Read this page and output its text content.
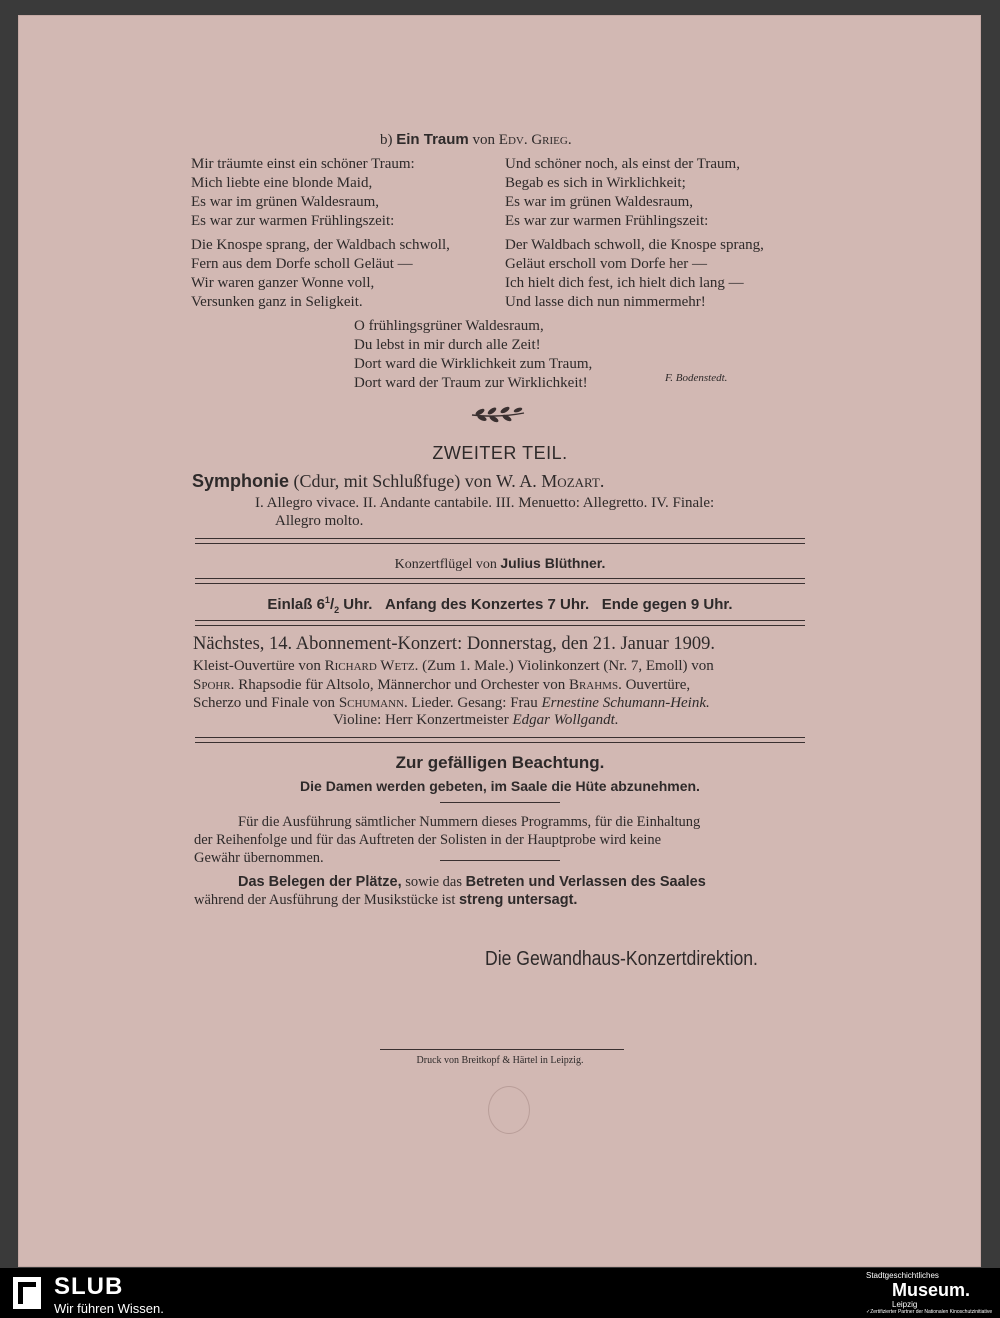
b) Ein Traum von Edv. Grieg.
Mir träumte einst ein schöner Traum:
Mich liebte eine blonde Maid,
Es war im grünen Waldesraum,
Es war zur warmen Frühlingszeit:
Und schöner noch, als einst der Traum,
Begab es sich in Wirklichkeit;
Es war im grünen Waldesraum,
Es war zur warmen Frühlingszeit:
Die Knospe sprang, der Waldbach schwoll,
Fern aus dem Dorfe scholl Geläut —
Wir waren ganzer Wonne voll,
Versunken ganz in Seligkeit.
Der Waldbach schwoll, die Knospe sprang,
Geläut erscholl vom Dorfe her —
Ich hielt dich fest, ich hielt dich lang —
Und lasse dich nun nimmermehr!
O frühlingsgrüner Waldesraum,
Du lebst in mir durch alle Zeit!
Dort ward die Wirklichkeit zum Traum,
Dort ward der Traum zur Wirklichkeit!	F. Bodenstedt.
ZWEITER TEIL.
Symphonie (Cdur, mit Schlußfuge) von W. A. Mozart.
I. Allegro vivace. II. Andante cantabile. III. Menuetto: Allegretto. IV. Finale:
Allegro molto.
Konzertflügel von Julius Blüthner.
Einlaß $6^1/_2$ Uhr. Anfang des Konzertes 7 Uhr. Ende gegen 9 Uhr.
Nächstes, 14. Abonnement-Konzert: Donnerstag, den 21. Januar 1909.
Kleist-Ouvertüre von Richard Wetz. (Zum 1. Male.) Violinkonzert (Nr. 7, Emoll) von
Spohr. Rhapsodie für Altsolo, Männerchor und Orchester von Brahms. Ouvertüre,
Scherzo und Finale von Schumann. Lieder. Gesang: Frau Ernestine Schumann-Heink.
Violine: Herr Konzertmeister Edgar Wollgandt.
Zur gefälligen Beachtung.
Die Damen werden gebeten, im Saale die Hüte abzunehmen.
Für die Ausführung sämtlicher Nummern dieses Programms, für die Einhaltung
der Reihenfolge und für das Auftreten der Solisten in der Hauptprobe wird keine
Gewähr übernommen.
Das Belegen der Plätze, sowie das Betreten und Verlassen des Saales
während der Ausführung der Musikstücke ist streng untersagt.
Die Gewandhaus-Konzertdirektion.
Druck von Breitkopf & Härtel in Leipzig.
SLUB
Wir führen Wissen.
Stadtgeschichtliches
Museum.
Leipzig
✓Zertifizierter Partner der Nationalen Kinoschutzinitiative
